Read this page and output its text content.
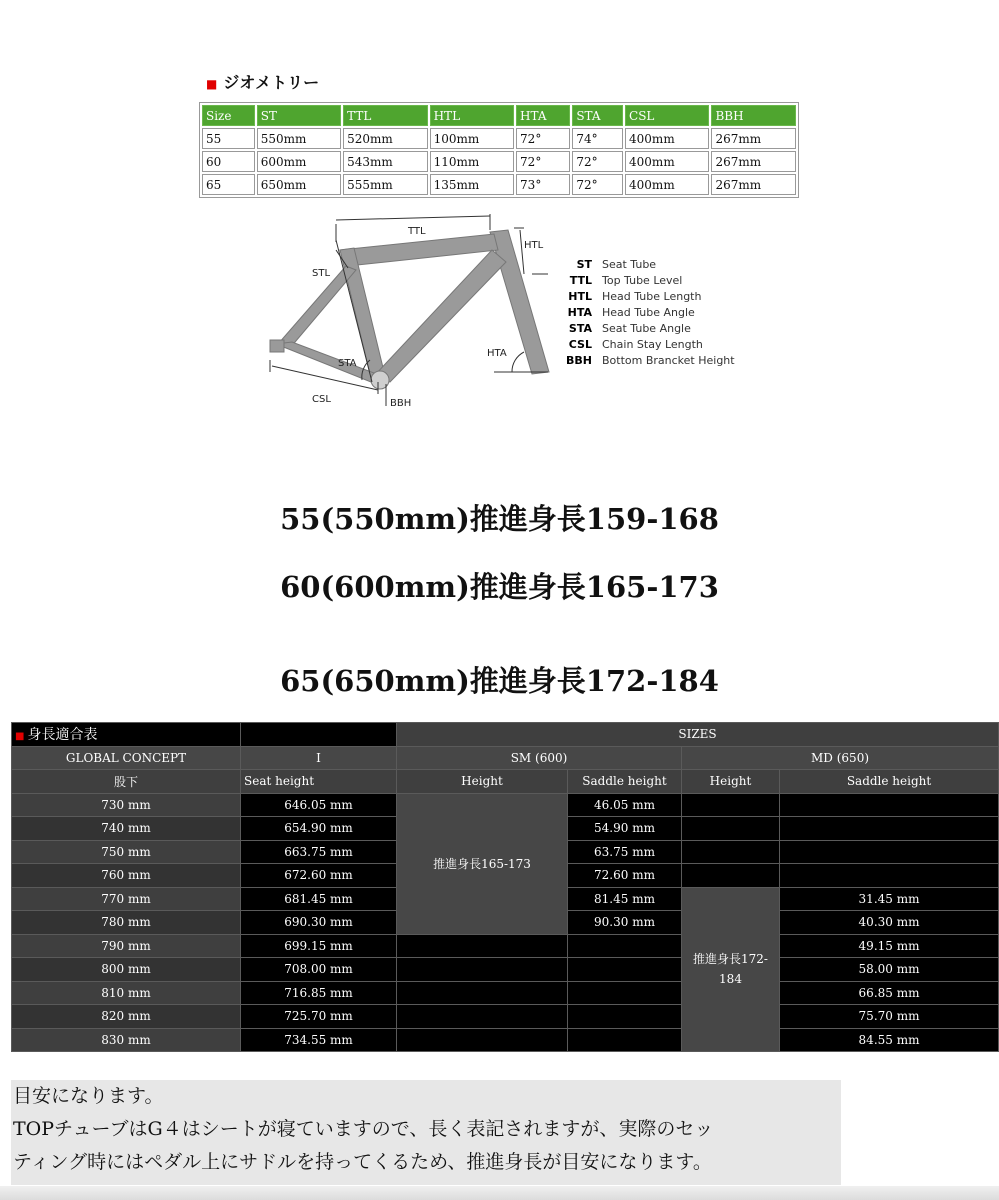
■ ジオメトリー
Size	ST	TTL	HTL	HTA	STA	CSL	BBH
55	550mm	520mm	100mm	72°	74°	400mm	267mm
60	600mm	543mm	110mm	72°	72°	400mm	267mm
65	650mm	555mm	135mm	73°	72°	400mm	267mm
TTL
HTL
STL
STA
HTA
CSL	BBH
ST Seat Tube
TTL Top Tube Level
HTL Head Tube Length
HTA Head Tube Angle
STA Seat Tube Angle
CSL Chain Stay Length
BBH Bottom Brancket Height
55(550mm)推進身長159-168
60(600mm)推進身長165-173
65(650mm)推進身長172-184
■ 身長適合表		SIZES			
GLOBAL CONCEPT	I	SM (600)		MD (650)	
股下	Seat height	Height	Saddle height	Height	Saddle height
730 mm	646.05 mm	推進身長165-173	46.05 mm		
740 mm	654.90 mm		54.90 mm		
750 mm	663.75 mm		63.75 mm		
760 mm	672.60 mm		72.60 mm		
770 mm	681.45 mm		81.45 mm	推進身長172-184	31.45 mm
780 mm	690.30 mm		90.30 mm		40.30 mm
790 mm	699.15 mm				49.15 mm
800 mm	708.00 mm				58.00 mm
810 mm	716.85 mm				66.85 mm
820 mm	725.70 mm				75.70 mm
830 mm	734.55 mm				84.55 mm
目安になります。
TOPチューブはG４はシートが寝ていますので、長く表記されますが、実際のセッ
ティング時にはペダル上にサドルを持ってくるため、推進身長が目安になります。
